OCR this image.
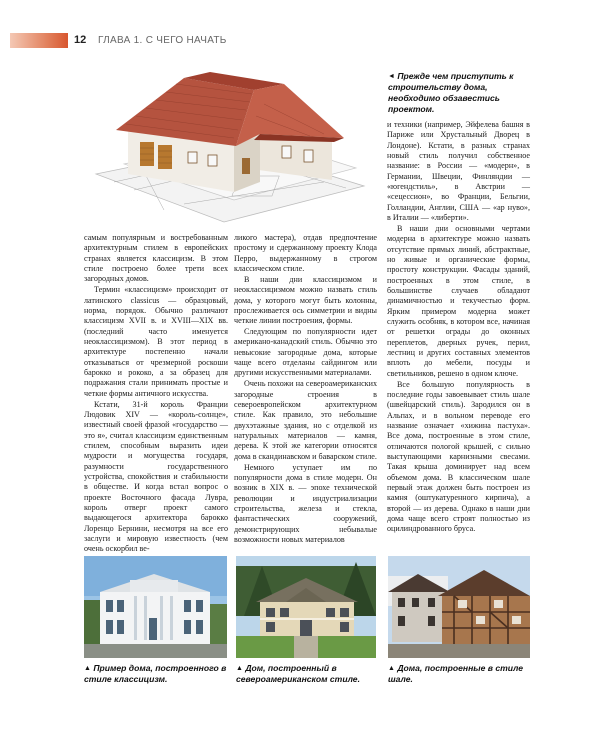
12 ГЛАВА 1. С ЧЕГО НАЧАТЬ
◄ Прежде чем приступить к строительству дома, необходимо обзавестись проектом.

самым популярным и востребованным архитектурным стилем в европейских странах является классицизм. В этом стиле построено более трети всех загородных домов.

Термин «классицизм» происходит от латинского classicus — образцовый, норма, порядок. Обычно различают классицизм XVII в. и XVIII—XIX вв. (последний часто именуется неоклассицизмом). В этот период в архитектуре постепенно начали отказываться от чрезмерной роскоши барокко и рококо, а за образец для подражания стали принимать простые и четкие формы античного искусства.

Кстати, 31-й король Франции Людовик XIV — «король-солнце», известный своей фразой «государство — это я», считал классицизм единственным стилем, способным выразить идеи мудрости и могущества государя, разумности государственного устройства, спокойствия и стабильности в обществе. И когда встал вопрос о проекте Восточного фасада Лувра, король отверг проект самого выдающегося архитектора барокко Лоренцо Бернини, несмотря на все его заслуги и мировую известность (чем очень оскорбил ве-

ликого мастера), отдав предпочтение простому и сдержанному проекту Клода Перро, выдержанному в строгом классическом стиле.

В наши дни классицизмом и неоклассицизмом можно назвать стиль дома, у которого могут быть колонны, прослеживается ось симметрии и видны четкие линии построения, формы.

Следующим по популярности идет американо-канадский стиль. Обычно это невысокие загородные дома, которые чаще всего отделаны сайдингом или другими искусственными материалами.

Очень похожи на североамериканских загородные строения в североевропейском архитектурном стиле. Как правило, это небольшие двухэтажные здания, но с отделкой из натуральных материалов — камня, дерева. К этой же категории относятся дома в скандинавском и баварском стиле.

Немного уступает им по популярности дома в стиле модерн. Он возник в XIX в. — эпохе технической революции и индустриализации строительства, железа и стекла, фантастических сооружений, демонстрирующих небывалые возможности новых материалов

и техники (например, Эйфелева башня в Париже или Хрустальный Дворец в Лондоне). Кстати, в разных странах новый стиль получил собственное название: в России — «модерн», в Германии, Швеции, Финляндии — «югендстиль», в Австрии — «сецессион», во Франции, Бельгии, Голландии, Англии, США — «ар нуво», в Италии — «либерти».

В наши дни основными чертами модерна в архитектуре можно назвать отсутствие прямых линий, абстрактные, но живые и органические формы, простоту конструкции. Фасады зданий, построенных в этом стиле, в большинстве случаев обладают динамичностью и текучестью форм. Ярким примером модерна может служить особняк, в котором все, начиная от решетки ограды до оконных переплетов, дверных ручек, перил, лестниц и других составных элементов вплоть до мебели, посуды и светильников, решено в одном ключе.

Все большую популярность в последние годы завоевывает стиль шале (швейцарский стиль). Зародился он в Альпах, и в вольном переводе его название означает «хижина пастуха». Все дома, построенные в этом стиле, отличаются пологой крышей, с сильно выступающими карнизными свесами. Такая крыша доминирует над всем объемом дома. В классическом шале первый этаж должен быть построен из камня (оштукатуренного кирпича), а второй — из дерева. Однако в наши дни дома чаще всего строят полностью из оцилиндрованного бруса.

▲ Пример дома, построенного в стиле классицизм.
▲ Дом, построенный в североамериканском стиле.
▲ Дома, построенные в стиле шале.
